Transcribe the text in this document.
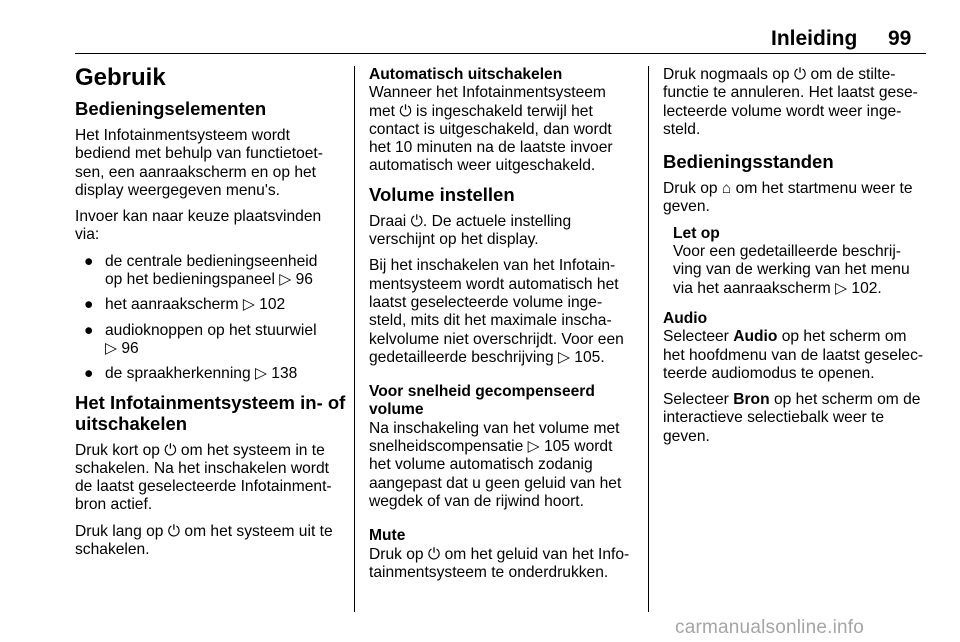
Inleiding 99
Gebruik
Bedieningselementen

Het Infotainmentsysteem wordt
bediend met behulp van functietoet-
sen, een aanraakscherm en op het
display weergegeven menu's.

Invoer kan naar keuze plaatsvinden
via:

● de centrale bedieningseenheid
op het bedieningspaneel ▷ 96
● het aanraakscherm ▷ 102
● audioknoppen op het stuurwiel
▷ 96
● de spraakherkenning ▷ 138
Het Infotainmentsysteem in- of
uitschakelen

Druk kort op ⏻ om het systeem in te
schakelen. Na het inschakelen wordt
de laatst geselecteerde Infotainment-
bron actief.

Druk lang op ⏻ om het systeem uit te
schakelen.

Automatisch uitschakelen

Wanneer het Infotainmentsysteem
met ⏻ is ingeschakeld terwijl het
contact is uitgeschakeld, dan wordt
het 10 minuten na de laatste invoer
automatisch weer uitgeschakeld.

Volume instellen

Draai ⏻. De actuele instelling
verschijnt op het display.

Bij het inschakelen van het Infotain-
mentsysteem wordt automatisch het
laatst geselecteerde volume inge-
steld, mits dit het maximale inscha-
kelvolume niet overschrijdt. Voor een
gedetailleerde beschrijving ▷ 105.

Voor snelheid gecompenseerd
volume

Na inschakeling van het volume met
snelheidscompensatie ▷ 105 wordt
het volume automatisch zodanig
aangepast dat u geen geluid van het
wegdek of van de rijwind hoort.

Mute

Druk op ⏻ om het geluid van het Info-
tainmentsysteem te onderdrukken.

Druk nogmaals op ⏻ om de stilte-
functie te annuleren. Het laatst gese-
lecteerde volume wordt weer inge-
steld.

Bedieningsstanden

Druk op ⌂ om het startmenu weer te
geven.

Let op

Voor een gedetailleerde beschrij-
ving van de werking van het menu
via het aanraakscherm ▷ 102.

Audio

Selecteer Audio op het scherm om
het hoofdmenu van de laatst geselec-
teerde audiomodus te openen.

Selecteer Bron op het scherm om de
interactieve selectiebalk weer te
geven.

carmanualsonline.info
